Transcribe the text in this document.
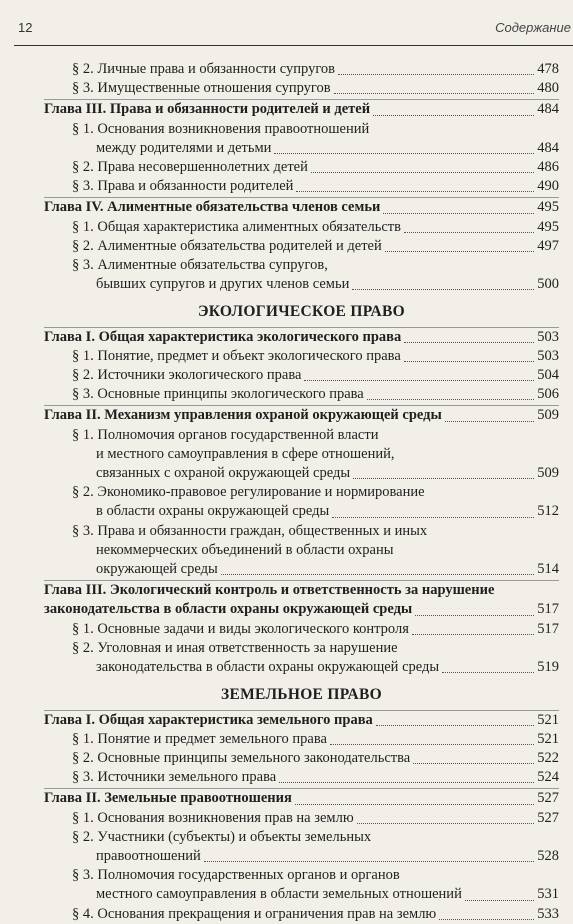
12	Содержание
§ 2. Личные права и обязанности супругов	478
§ 3. Имущественные отношения супругов	480
Глава III. Права и обязанности родителей и детей	484
§ 1. Основания возникновения правоотношений
между родителями и детьми	484
§ 2. Права несовершеннолетних детей	486
§ 3. Права и обязанности родителей	490
Глава IV. Алиментные обязательства членов семьи	495
§ 1. Общая характеристика алиментных обязательств	495
§ 2. Алиментные обязательства родителей и детей	497
§ 3. Алиментные обязательства супругов,
бывших супругов и других членов семьи	500
ЭКОЛОГИЧЕСКОЕ ПРАВО
Глава I. Общая характеристика экологического права	503
§ 1. Понятие, предмет и объект экологического права	503
§ 2. Источники экологического права	504
§ 3. Основные принципы экологического права	506
Глава II. Механизм управления охраной окружающей среды	509
§ 1. Полномочия органов государственной власти
и местного самоуправления в сфере отношений,
связанных с охраной окружающей среды	509
§ 2. Экономико-правовое регулирование и нормирование
в области охраны окружающей среды	512
§ 3. Права и обязанности граждан, общественных и иных
некоммерческих объединений в области охраны
окружающей среды	514
Глава III. Экологический контроль и ответственность за нарушение
законодательства в области охраны окружающей среды	517
§ 1. Основные задачи и виды экологического контроля	517
§ 2. Уголовная и иная ответственность за нарушение
законодательства в области охраны окружающей среды	519
ЗЕМЕЛЬНОЕ ПРАВО
Глава I. Общая характеристика земельного права	521
§ 1. Понятие и предмет земельного права	521
§ 2. Основные принципы земельного законодательства	522
§ 3. Источники земельного права	524
Глава II. Земельные правоотношения	527
§ 1. Основания возникновения прав на землю	527
§ 2. Участники (субъекты) и объекты земельных
правоотношений	528
§ 3. Полномочия государственных органов и органов
местного самоуправления в области земельных отношений	531
§ 4. Основания прекращения и ограничения прав на землю	533
